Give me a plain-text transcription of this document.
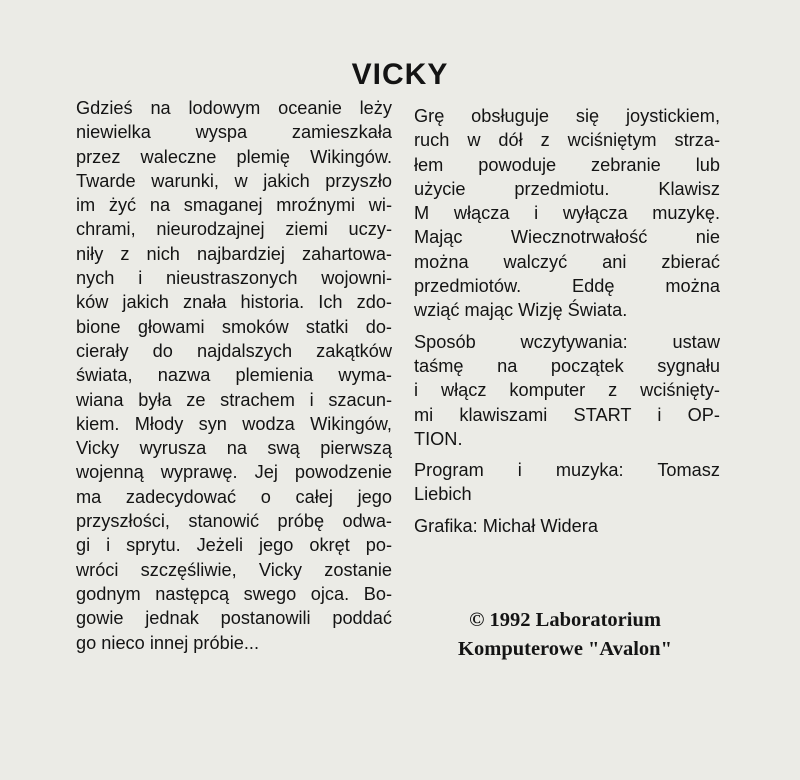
VICKY
Gdzieś na lodowym oceanie leży
niewielka wyspa zamieszkała
przez waleczne plemię Wikingów.
Twarde warunki, w jakich przyszło
im żyć na smaganej mroźnymi wi-
chrami, nieurodzajnej ziemi uczy-
niły z nich najbardziej zahartowa-
nych i nieustraszonych wojowni-
ków jakich znała historia. Ich zdo-
bione głowami smoków statki do-
cierały do najdalszych zakątków
świata, nazwa plemienia wyma-
wiana była ze strachem i szacun-
kiem. Młody syn wodza Wikingów,
Vicky wyrusza na swą pierwszą
wojenną wyprawę. Jej powodzenie
ma zadecydować o całej jego
przyszłości, stanowić próbę odwa-
gi i sprytu. Jeżeli jego okręt po-
wróci szczęśliwie, Vicky zostanie
godnym następcą swego ojca. Bo-
gowie jednak postanowili poddać
go nieco innej próbie...
Grę obsługuje się joystickiem,
ruch w dół z wciśniętym strza-
łem powoduje zebranie lub
użycie przedmiotu. Klawisz
M włącza i wyłącza muzykę.
Mając Wiecznotrwałość nie
można walczyć ani zbierać
przedmiotów. Eddę można
wziąć mając Wizję Świata.
Sposób wczytywania: ustaw
taśmę na początek sygnału
i włącz komputer z wciśnięty-
mi klawiszami START i OP-
TION.
Program i muzyka: Tomasz
Liebich
Grafika: Michał Widera
© 1992 Laboratorium
Komputerowe "Avalon"
